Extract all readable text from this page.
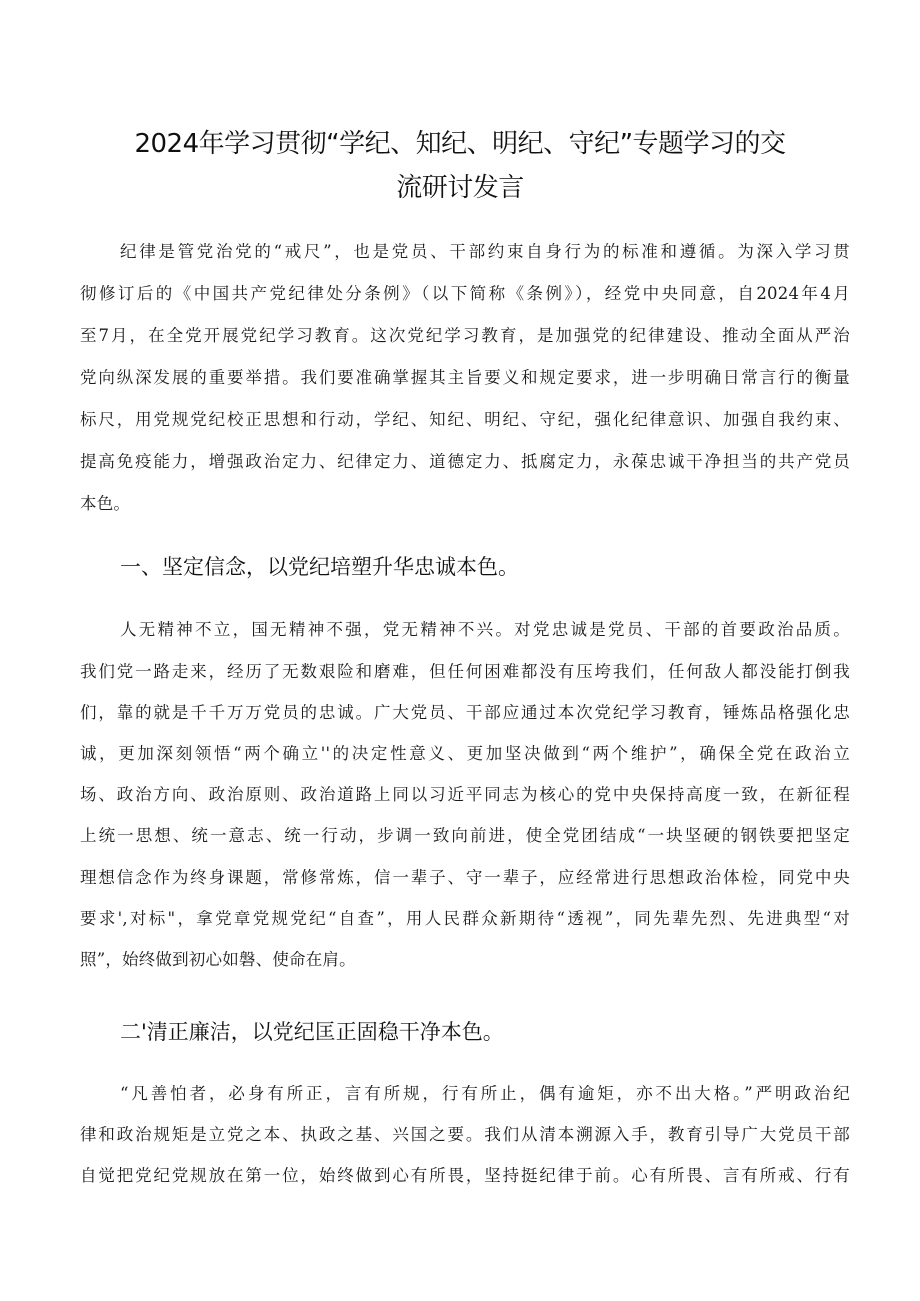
2024年学习贯彻“学纪、知纪、明纪、守纪”专题学习的交
流研讨发言
纪律是管党治党的“戒尺”，也是党员、干部约束自身行为的标准和遵循。为深入学习贯
彻修订后的《中国共产党纪律处分条例》（以下简称《条例》），经党中央同意，自2024年4月
至7月，在全党开展党纪学习教育。这次党纪学习教育，是加强党的纪律建设、推动全面从严治
党向纵深发展的重要举措。我们要准确掌握其主旨要义和规定要求，进一步明确日常言行的衡量
标尺，用党规党纪校正思想和行动，学纪、知纪、明纪、守纪，强化纪律意识、加强自我约束、
提高免疫能力，增强政治定力、纪律定力、道德定力、抵腐定力，永葆忠诚干净担当的共产党员
本色。
一、坚定信念，以党纪培塑升华忠诚本色。
人无精神不立，国无精神不强，党无精神不兴。对党忠诚是党员、干部的首要政治品质。
我们党一路走来，经历了无数艰险和磨难，但任何困难都没有压垮我们，任何敌人都没能打倒我
们，靠的就是千千万万党员的忠诚。广大党员、干部应通过本次党纪学习教育，锤炼品格强化忠
诚，更加深刻领悟“两个确立''的决定性意义、更加坚决做到“两个维护”，确保全党在政治立
场、政治方向、政治原则、政治道路上同以习近平同志为核心的党中央保持高度一致，在新征程
上统一思想、统一意志、统一行动，步调一致向前进，使全党团结成“一块坚硬的钢铁要把坚定
理想信念作为终身课题，常修常炼，信一辈子、守一辈子，应经常进行思想政治体检，同党中央
要求',对标"，拿党章党规党纪“自查”，用人民群众新期待“透视”，同先辈先烈、先进典型“对
照”，始终做到初心如磐、使命在肩。
二'清正廉洁，以党纪匡正固稳干净本色。
“凡善怕者，必身有所正，言有所规，行有所止，偶有逾矩，亦不出大格。”严明政治纪
律和政治规矩是立党之本、执政之基、兴国之要。我们从清本溯源入手，教育引导广大党员干部
自觉把党纪党规放在第一位，始终做到心有所畏，坚持挺纪律于前。心有所畏、言有所戒、行有
